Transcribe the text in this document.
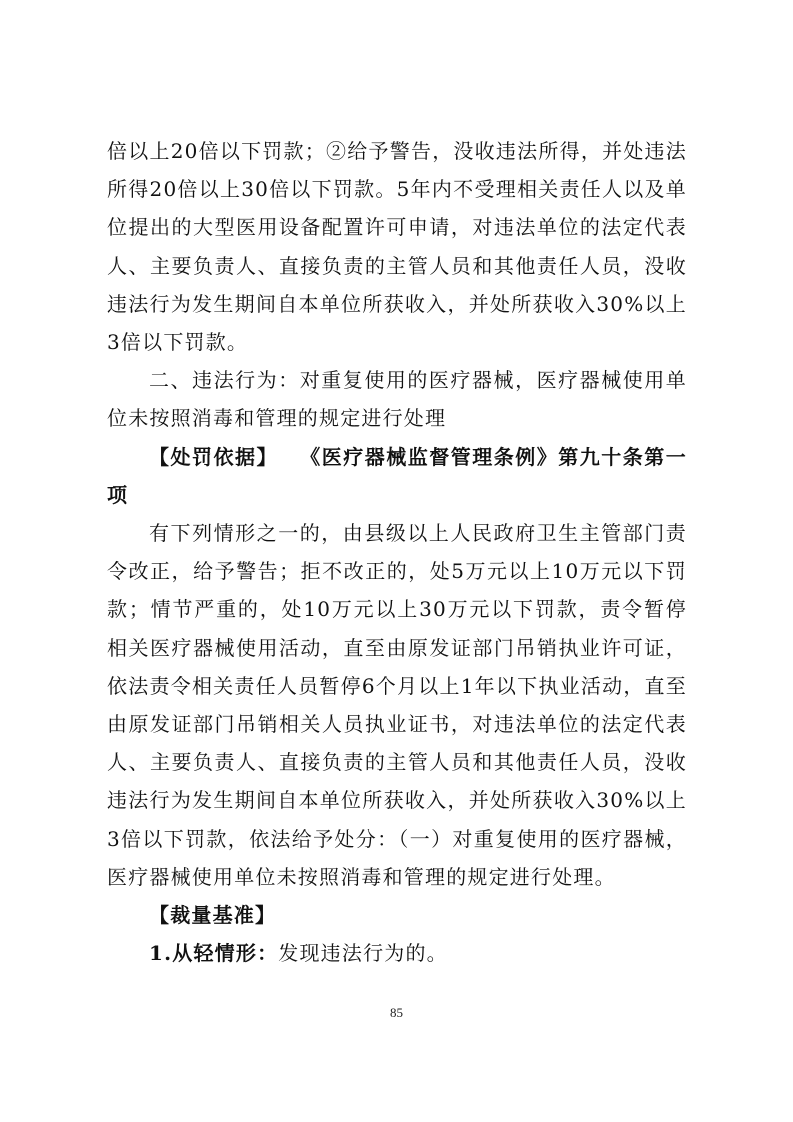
倍以上20倍以下罚款；②给予警告，没收违法所得，并处违法所得20倍以上30倍以下罚款。5年内不受理相关责任人以及单位提出的大型医用设备配置许可申请，对违法单位的法定代表人、主要负责人、直接负责的主管人员和其他责任人员，没收违法行为发生期间自本单位所获收入，并处所获收入30%以上3倍以下罚款。

二、违法行为：对重复使用的医疗器械，医疗器械使用单位未按照消毒和管理的规定进行处理

【处罚依据】 《医疗器械监督管理条例》第九十条第一项

有下列情形之一的，由县级以上人民政府卫生主管部门责令改正，给予警告；拒不改正的，处5万元以上10万元以下罚款；情节严重的，处10万元以上30万元以下罚款，责令暂停相关医疗器械使用活动，直至由原发证部门吊销执业许可证，依法责令相关责任人员暂停6个月以上1年以下执业活动，直至由原发证部门吊销相关人员执业证书，对违法单位的法定代表人、主要负责人、直接负责的主管人员和其他责任人员，没收违法行为发生期间自本单位所获收入，并处所获收入30%以上3倍以下罚款，依法给予处分：（一）对重复使用的医疗器械，医疗器械使用单位未按照消毒和管理的规定进行处理。

【裁量基准】

1.从轻情形：发现违法行为的。

85
